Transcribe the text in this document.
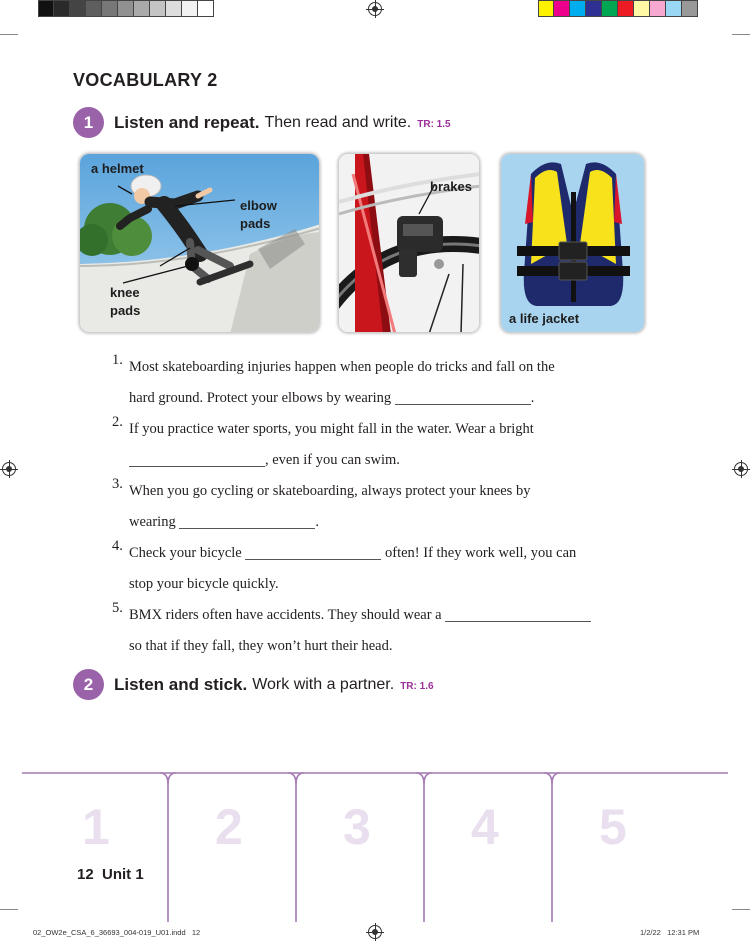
VOCABULARY 2
1	Listen and repeat. Then read and write. TR: 1.5
a helmet
elbow
pads
knee
pads
brakes
a life jacket
1. Most skateboarding injuries happen when people do tricks and fall on the
hard ground. Protect your elbows by wearing	.
2. If you practice water sports, you might fall in the water. Wear a bright
, even if you can swim.
3. When you go cycling or skateboarding, always protect your knees by
wearing	.
4. Check your bicycle	often! If they work well, you can
stop your bicycle quickly.
5. BMX riders often have accidents. They should wear a
so that if they fall, they won’t hurt their head.
2	Listen and stick. Work with a partner. TR: 1.6
1 2 3 4 5
12  Unit 1
02_OW2e_CSA_6_36693_004-019_U01.indd   12	1/2/22   12:31 PM
